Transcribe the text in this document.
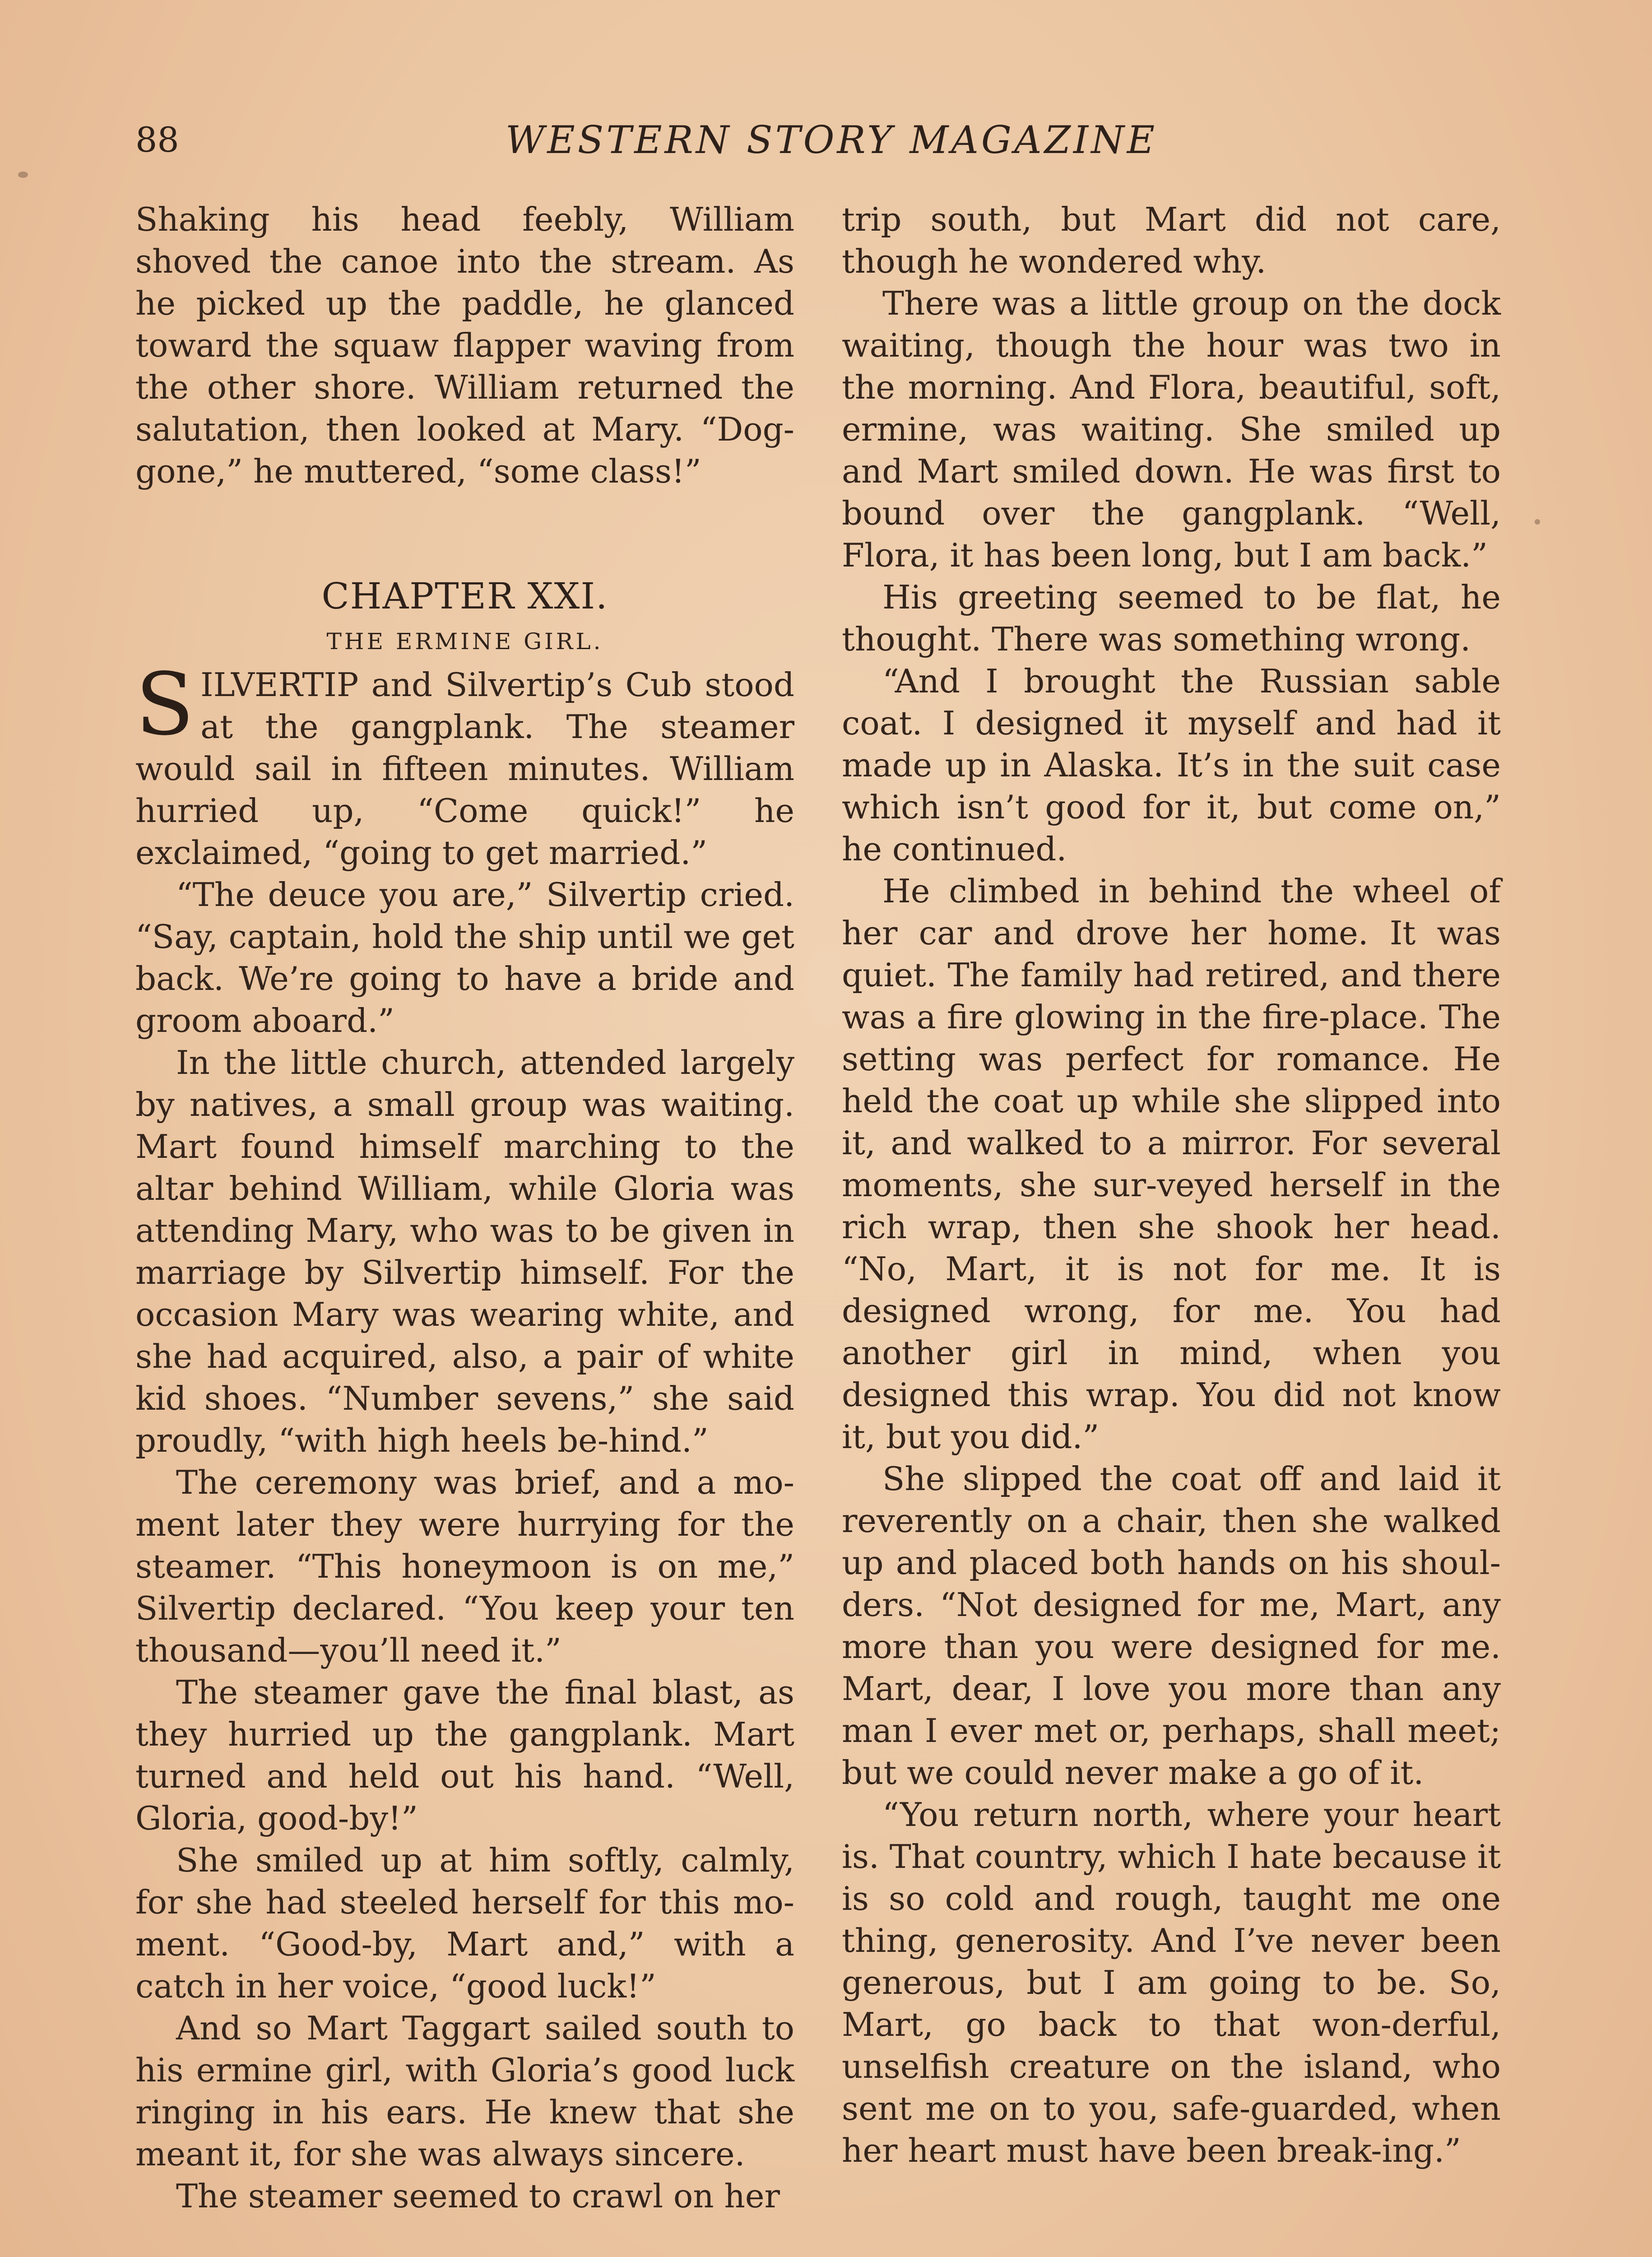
88	WESTERN STORY MAGAZINE

Shaking his head feebly, William shoved the canoe into the stream. As he picked up the paddle, he glanced toward the squaw flapper waving from the other shore. William returned the salutation, then looked at Mary. “Dog-gone,” he muttered, “some class!”

CHAPTER XXI.
THE ERMINE GIRL.

SILVERTIP and Silvertip’s Cub stood at the gangplank. The steamer would sail in fifteen minutes. William hurried up, “Come quick!” he exclaimed, “going to get married.”

“The deuce you are,” Silvertip cried. “Say, captain, hold the ship until we get back. We’re going to have a bride and groom aboard.”

In the little church, attended largely by natives, a small group was waiting. Mart found himself marching to the altar behind William, while Gloria was attending Mary, who was to be given in marriage by Silvertip himself. For the occasion Mary was wearing white, and she had acquired, also, a pair of white kid shoes. “Number sevens,” she said proudly, “with high heels be-hind.”

The ceremony was brief, and a mo-ment later they were hurrying for the steamer. “This honeymoon is on me,” Silvertip declared. “You keep your ten thousand—you’ll need it.”

The steamer gave the final blast, as they hurried up the gangplank. Mart turned and held out his hand. “Well, Gloria, good-by!”

She smiled up at him softly, calmly, for she had steeled herself for this mo-ment. “Good-by, Mart and,” with a catch in her voice, “good luck!”

And so Mart Taggart sailed south to his ermine girl, with Gloria’s good luck ringing in his ears. He knew that she meant it, for she was always sincere.

The steamer seemed to crawl on her

trip south, but Mart did not care, though he wondered why.

There was a little group on the dock waiting, though the hour was two in the morning. And Flora, beautiful, soft, ermine, was waiting. She smiled up and Mart smiled down. He was first to bound over the gangplank. “Well, Flora, it has been long, but I am back.”

His greeting seemed to be flat, he thought. There was something wrong.

“And I brought the Russian sable coat. I designed it myself and had it made up in Alaska. It’s in the suit case which isn’t good for it, but come on,” he continued.

He climbed in behind the wheel of her car and drove her home. It was quiet. The family had retired, and there was a fire glowing in the fire-place. The setting was perfect for romance. He held the coat up while she slipped into it, and walked to a mirror. For several moments, she sur-veyed herself in the rich wrap, then she shook her head. “No, Mart, it is not for me. It is designed wrong, for me. You had another girl in mind, when you designed this wrap. You did not know it, but you did.”

She slipped the coat off and laid it reverently on a chair, then she walked up and placed both hands on his shoul-ders. “Not designed for me, Mart, any more than you were designed for me. Mart, dear, I love you more than any man I ever met or, perhaps, shall meet; but we could never make a go of it.

“You return north, where your heart is. That country, which I hate because it is so cold and rough, taught me one thing, generosity. And I’ve never been generous, but I am going to be. So, Mart, go back to that won-derful, unselfish creature on the island, who sent me on to you, safe-guarded, when her heart must have been break-ing.”
